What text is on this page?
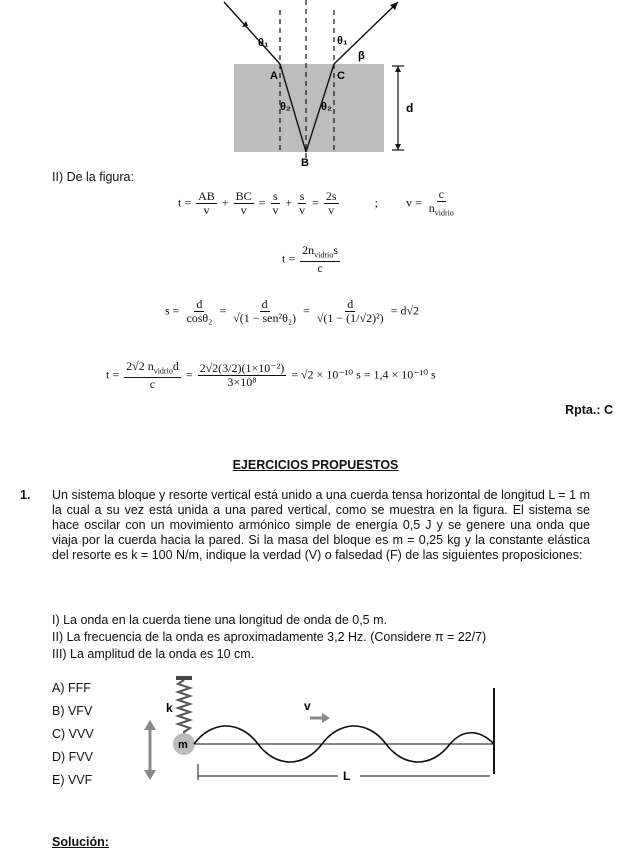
θ₁	θ₁
β
A	C
θ₂	θ₂	d
B
II) De la figura:
$t = \frac{AB}{v} + \frac{BC}{v} = \frac{s}{v} + \frac{s}{v} = \frac{2s}{v}$	; $v = \frac{c}{n_{vidrio}}$
$t = \frac{2n_{vidrio}s}{c}$
$s = \frac{d}{\text{cosθ₂}} = \frac{d}{\text{√(1 − sen²θ₂)}} = \frac{d}{\text{√(1 − (1/√2)²)}} = d√2$
$t = \frac{2√2 n_{vidrio}d}{c} = \frac{\text{2√2(3/2)(1×10⁻²)}}{\text{3×10⁸}} = √2 \times 10^{-10}$ s = 1,4 × 10⁻¹⁰ s
Rpta.: C
EJERCICIOS PROPUESTOS
1. Un sistema bloque y resorte vertical está unido a una cuerda tensa horizontal de longitud L = 1 m la cual a su vez está unida a una pared vertical, como se muestra en la figura. El sistema se hace oscilar con un movimiento armónico simple de energía 0,5 J y se genere una onda que viaja por la cuerda hacia la pared. Si la masa del bloque es m = 0,25 kg y la constante elástica del resorte es k = 100 N/m, indique la verdad (V) o falsedad (F) de las siguientes proposiciones:
I) La onda en la cuerda tiene una longitud de onda de 0,5 m.
II) La frecuencia de la onda es aproximadamente 3,2 Hz. (Considere π = 22/7)
III) La amplitud de la onda es 10 cm.
A) FFF
B) VFV
C) VVV
D) FVV
E) VVF
k
m
v
L
Solución:
